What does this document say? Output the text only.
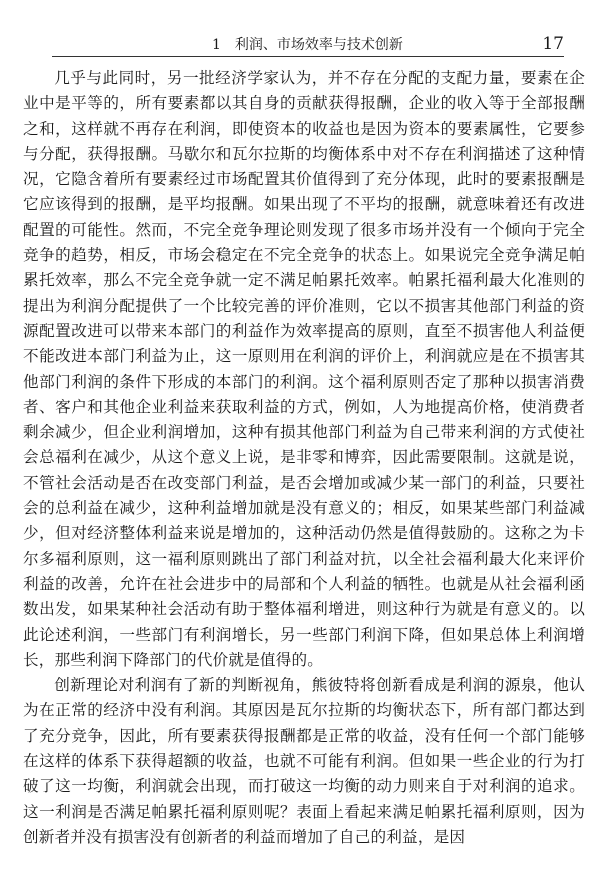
1　利润、市场效率与技术创新	17

几乎与此同时，另一批经济学家认为，并不存在分配的支配力量，要素在企业中是平等的，所有要素都以其自身的贡献获得报酬，企业的收入等于全部报酬之和，这样就不再存在利润，即使资本的收益也是因为资本的要素属性，它要参与分配，获得报酬。马歇尔和瓦尔拉斯的均衡体系中对不存在利润描述了这种情况，它隐含着所有要素经过市场配置其价值得到了充分体现，此时的要素报酬是它应该得到的报酬，是平均报酬。如果出现了不平均的报酬，就意味着还有改进配置的可能性。然而，不完全竞争理论则发现了很多市场并没有一个倾向于完全竞争的趋势，相反，市场会稳定在不完全竞争的状态上。如果说完全竞争满足帕累托效率，那么不完全竞争就一定不满足帕累托效率。帕累托福利最大化准则的提出为利润分配提供了一个比较完善的评价准则，它以不损害其他部门利益的资源配置改进可以带来本部门的利益作为效率提高的原则，直至不损害他人利益便不能改进本部门利益为止，这一原则用在利润的评价上，利润就应是在不损害其他部门利润的条件下形成的本部门的利润。这个福利原则否定了那种以损害消费者、客户和其他企业利益来获取利益的方式，例如，人为地提高价格，使消费者剩余减少，但企业利润增加，这种有损其他部门利益为自己带来利润的方式使社会总福利在减少，从这个意义上说，是非零和博弈，因此需要限制。这就是说，不管社会活动是否在改变部门利益，是否会增加或减少某一部门的利益，只要社会的总利益在减少，这种利益增加就是没有意义的；相反，如果某些部门利益减少，但对经济整体利益来说是增加的，这种活动仍然是值得鼓励的。这称之为卡尔多福利原则，这一福利原则跳出了部门利益对抗，以全社会福利最大化来评价利益的改善，允许在社会进步中的局部和个人利益的牺牲。也就是从社会福利函数出发，如果某种社会活动有助于整体福利增进，则这种行为就是有意义的。以此论述利润，一些部门有利润增长，另一些部门利润下降，但如果总体上利润增长，那些利润下降部门的代价就是值得的。

创新理论对利润有了新的判断视角，熊彼特将创新看成是利润的源泉，他认为在正常的经济中没有利润。其原因是瓦尔拉斯的均衡状态下，所有部门都达到了充分竞争，因此，所有要素获得报酬都是正常的收益，没有任何一个部门能够在这样的体系下获得超额的收益，也就不可能有利润。但如果一些企业的行为打破了这一均衡，利润就会出现，而打破这一均衡的动力则来自于对利润的追求。这一利润是否满足帕累托福利原则呢？表面上看起来满足帕累托福利原则，因为创新者并没有损害没有创新者的利益而增加了自己的利益，是因
